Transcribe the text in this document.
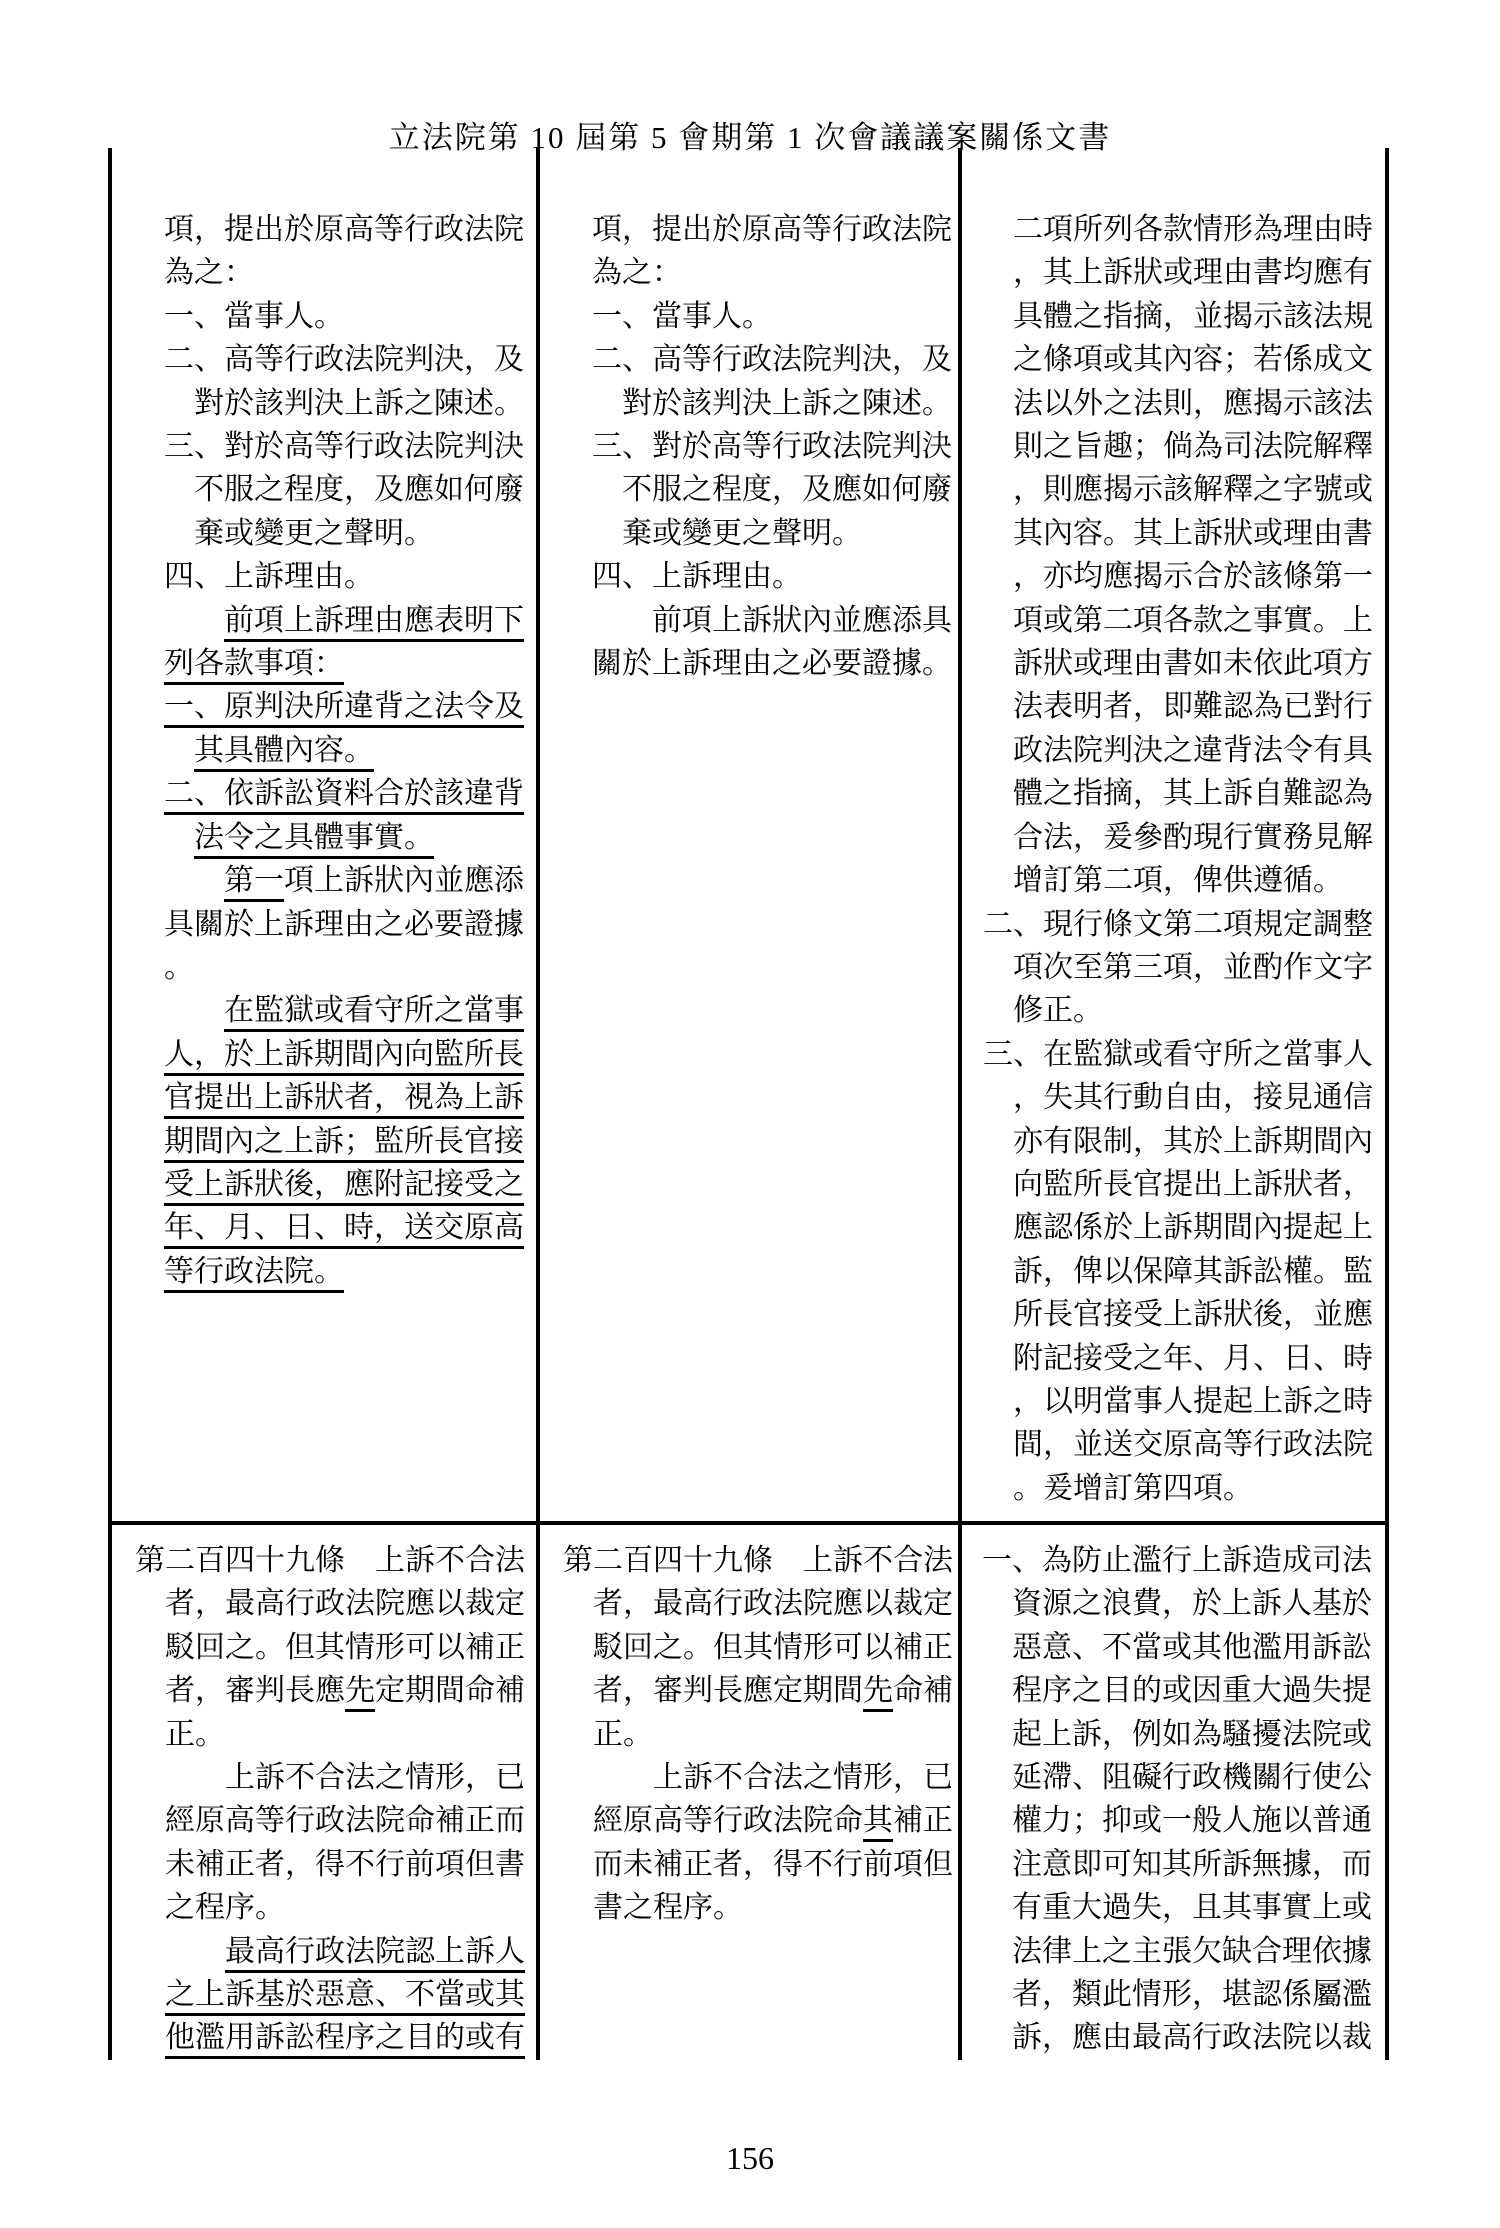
立法院第 10 屆第 5 會期第 1 次會議議案關係文書
項，提出於原高等行政法院
為之：
一、當事人。
二、高等行政法院判決，及
對於該判決上訴之陳述。
三、對於高等行政法院判決
不服之程度，及應如何廢
棄或變更之聲明。
四、上訴理由。
前項上訴理由應表明下
列各款事項：
一、原判決所違背之法令及
其具體內容。
二、依訴訟資料合於該違背
法令之具體事實。
第一項上訴狀內並應添
具關於上訴理由之必要證據
。
在監獄或看守所之當事
人，於上訴期間內向監所長
官提出上訴狀者，視為上訴
期間內之上訴；監所長官接
受上訴狀後，應附記接受之
年、月、日、時，送交原高
等行政法院。
項，提出於原高等行政法院
為之：
一、當事人。
二、高等行政法院判決，及
對於該判決上訴之陳述。
三、對於高等行政法院判決
不服之程度，及應如何廢
棄或變更之聲明。
四、上訴理由。
前項上訴狀內並應添具
關於上訴理由之必要證據。
二項所列各款情形為理由時
，其上訴狀或理由書均應有
具體之指摘，並揭示該法規
之條項或其內容；若係成文
法以外之法則，應揭示該法
則之旨趣；倘為司法院解釋
，則應揭示該解釋之字號或
其內容。其上訴狀或理由書
，亦均應揭示合於該條第一
項或第二項各款之事實。上
訴狀或理由書如未依此項方
法表明者，即難認為已對行
政法院判決之違背法令有具
體之指摘，其上訴自難認為
合法，爰參酌現行實務見解
增訂第二項，俾供遵循。
二、現行條文第二項規定調整
項次至第三項，並酌作文字
修正。
三、在監獄或看守所之當事人
，失其行動自由，接見通信
亦有限制，其於上訴期間內
向監所長官提出上訴狀者，
應認係於上訴期間內提起上
訴，俾以保障其訴訟權。監
所長官接受上訴狀後，並應
附記接受之年、月、日、時
，以明當事人提起上訴之時
間，並送交原高等行政法院
。爰增訂第四項。
第二百四十九條　上訴不合法
者，最高行政法院應以裁定
駁回之。但其情形可以補正
者，審判長應先定期間命補
正。
上訴不合法之情形，已
經原高等行政法院命補正而
未補正者，得不行前項但書
之程序。
最高行政法院認上訴人
之上訴基於惡意、不當或其
他濫用訴訟程序之目的或有
第二百四十九條　上訴不合法
者，最高行政法院應以裁定
駁回之。但其情形可以補正
者，審判長應定期間先命補
正。
上訴不合法之情形，已
經原高等行政法院命其補正
而未補正者，得不行前項但
書之程序。
一、為防止濫行上訴造成司法
資源之浪費，於上訴人基於
惡意、不當或其他濫用訴訟
程序之目的或因重大過失提
起上訴，例如為騷擾法院或
延滯、阻礙行政機關行使公
權力；抑或一般人施以普通
注意即可知其所訴無據，而
有重大過失，且其事實上或
法律上之主張欠缺合理依據
者，類此情形，堪認係屬濫
訴，應由最高行政法院以裁
156
